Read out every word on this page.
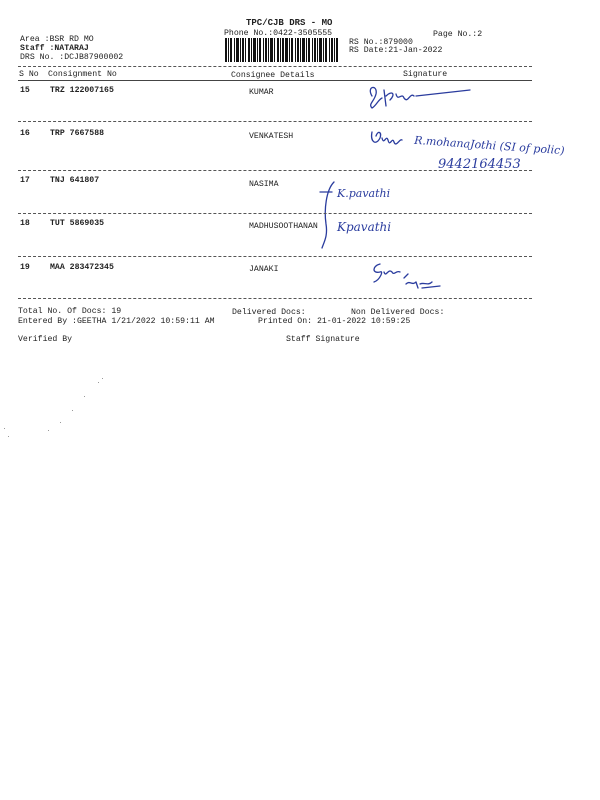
TPC/CJB DRS - MO
Phone No.:0422-3505555	Page No.:2
Area :BSR RD MO
Staff :NATARAJ
DRS No. :DCJB87900002
RS No.:879000
RS Date:21-Jan-2022
S No Consignment No	Consignee Details	Signature
15 TRZ 122007165	KUMAR
16 TRP 7667588	VENKATESH	R.mohanaJothi (SI of polic)
9442164453
17 TNJ 641807	NASIMA
K.pavathi
18 TUT 5869035	MADHUSOOTHANAN Kpavathi
19 MAA 283472345	JANAKI
Total No. Of Docs: 19	Delivered Docs:	Non Delivered Docs:
Entered By :GEETHA 1/21/2022 10:59:11 AM	Printed On: 21-01-2022 10:59:25
Verified By	Staff Signature
